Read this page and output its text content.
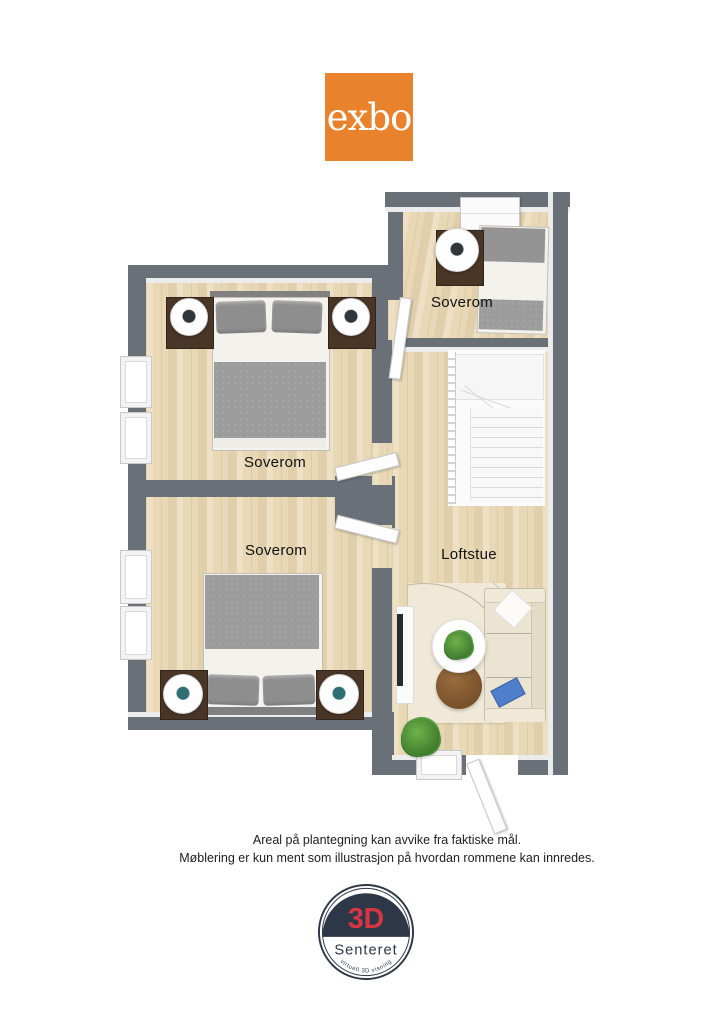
exbo
Soverom
Soverom
Soverom	Loftstue
Areal på plantegning kan avvike fra faktiske mål.
Møblering er kun ment som illustrasjon på hvordan rommene kan innredes.
3D
Senteret
virtuell 3D visning
